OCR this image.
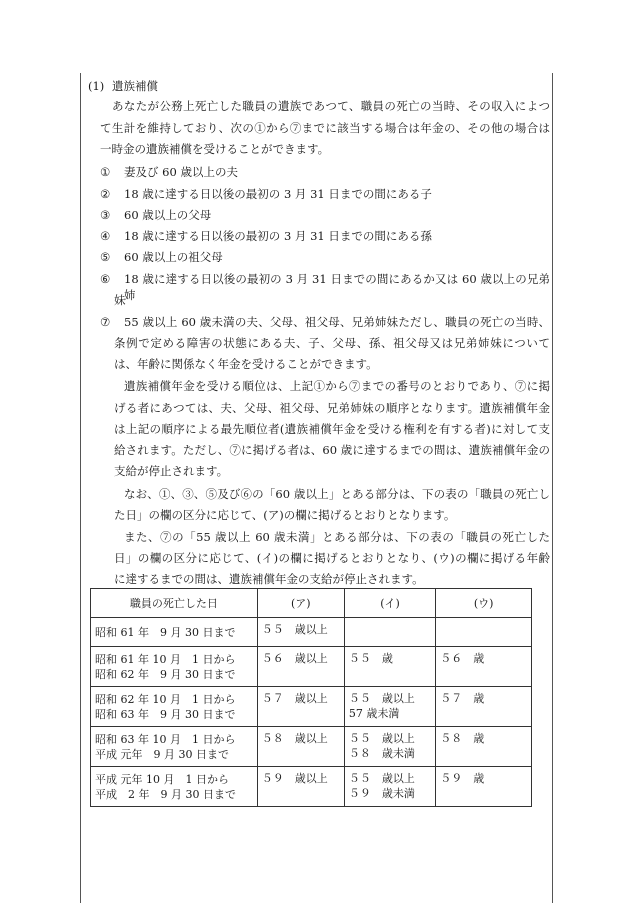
(1) 遺族補償
あなたが公務上死亡した職員の遺族であつて、職員の死亡の当時、その収入によつ
て生計を維持しており、次の①から⑦までに該当する場合は年金の、その他の場合は
一時金の遺族補償を受けることができます。
① 妻及び 60 歳以上の夫
② 18 歳に達する日以後の最初の 3 月 31 日までの間にある子
③ 60 歳以上の父母
④ 18 歳に達する日以後の最初の 3 月 31 日までの間にある孫
⑤ 60 歳以上の祖父母
⑥ 18 歳に達する日以後の最初の 3 月 31 日までの間にあるか又は 60 歳以上の兄弟姉
妹
⑦ 55 歳以上 60 歳未満の夫、父母、祖父母、兄弟姉妹ただし、職員の死亡の当時、
条例で定める障害の状態にある夫、子、父母、孫、祖父母又は兄弟姉妹について
は、年齢に関係なく年金を受けることができます。
遺族補償年金を受ける順位は、上記①から⑦までの番号のとおりであり、⑦に掲
げる者にあつては、夫、父母、祖父母、兄弟姉妹の順序となります。遺族補償年金
は上記の順序による最先順位者(遺族補償年金を受ける権利を有する者)に対して支
給されます。ただし、⑦に掲げる者は、60 歳に達するまでの間は、遺族補償年金の
支給が停止されます。
なお、①、③、⑤及び⑥の「60 歳以上」とある部分は、下の表の「職員の死亡し
た日」の欄の区分に応じて、(ア)の欄に掲げるとおりとなります。
また、⑦の「55 歳以上 60 歳未満」とある部分は、下の表の「職員の死亡した
日」の欄の区分に応じて、(イ)の欄に掲げるとおりとなり、(ウ)の欄に掲げる年齢
に達するまでの間は、遺族補償年金の支給が停止されます。
職員の死亡した日	(ア)	(イ)	(ウ)

昭和 61 年　9 月 30 日まで	５５　歳以上		

昭和 61 年 10 月　1 日から
昭和 62 年　9 月 30 日まで	５６　歳以上	５５　歳	５６　歳

昭和 62 年 10 月　1 日から
昭和 63 年　9 月 30 日まで	５７　歳以上	５５　歳以上
57 歳未満	５７　歳

昭和 63 年 10 月　1 日から
平成 元年　9 月 30 日まで	５８　歳以上	５５　歳以上
５８　歳未満	５８　歳

平成 元年 10 月　1 日から
平成　2 年　9 月 30 日まで	５９　歳以上	５５　歳以上
５９　歳未満	５９　歳
